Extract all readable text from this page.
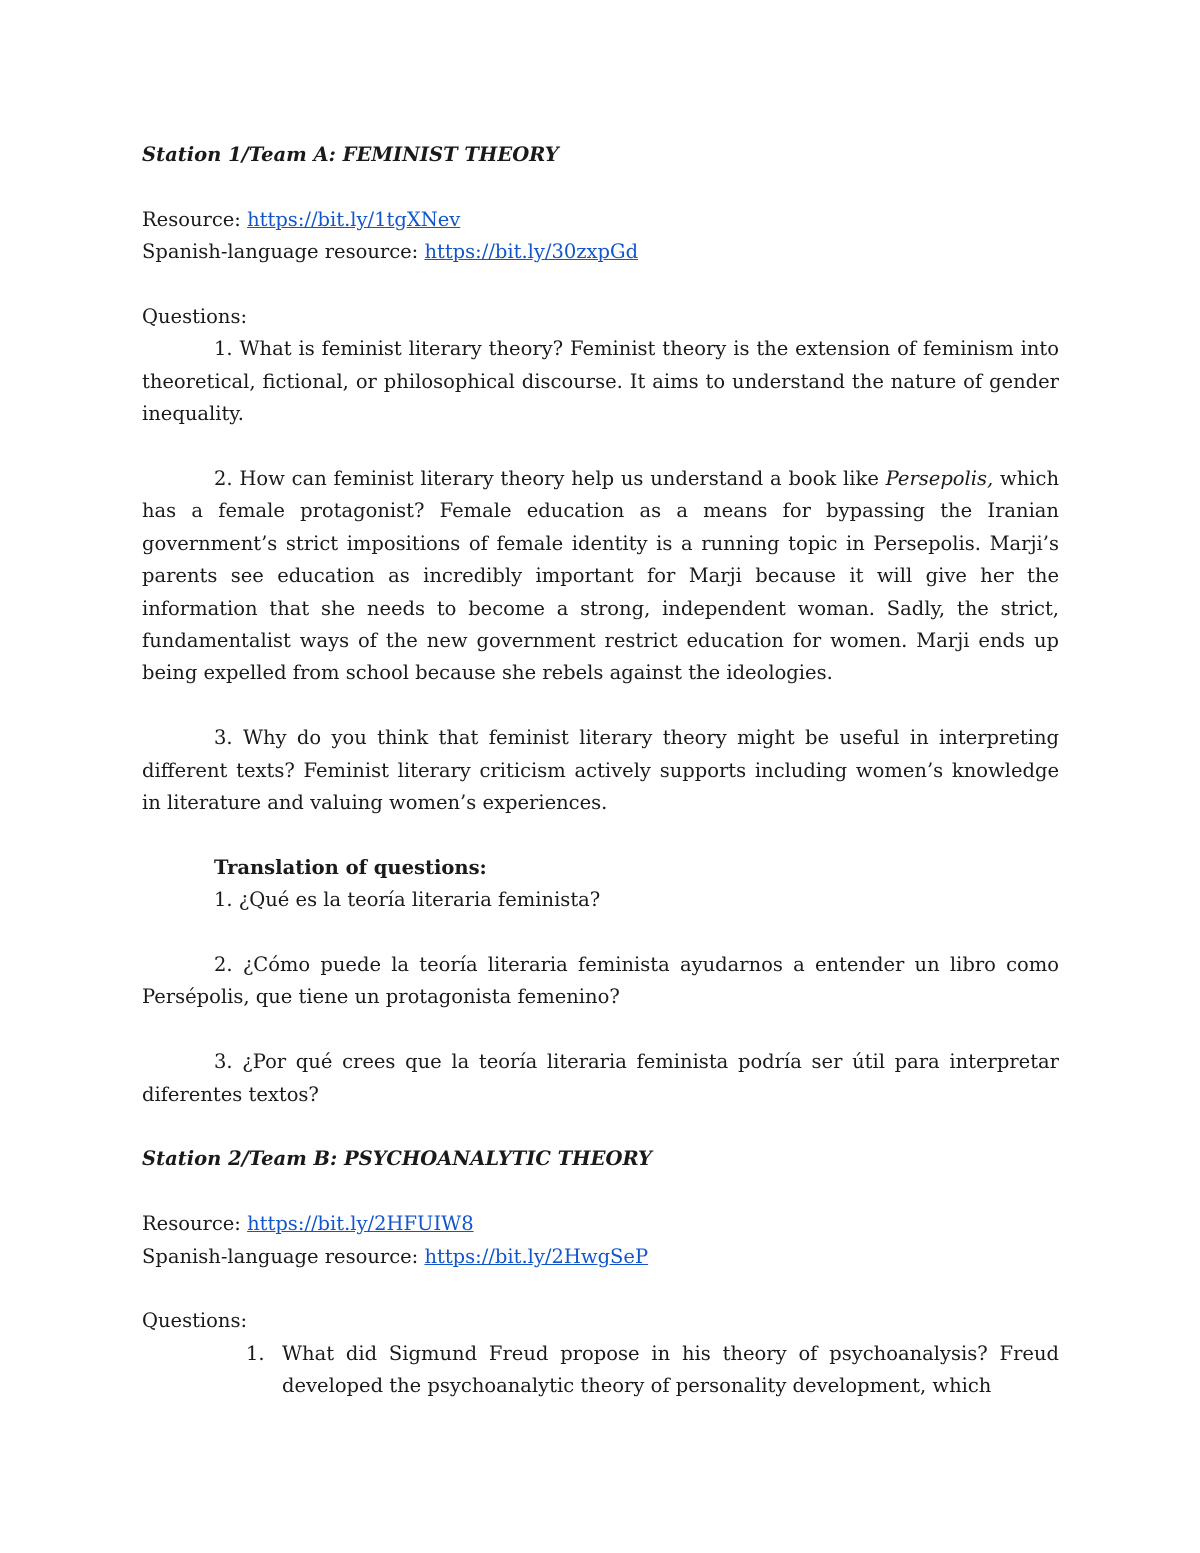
Station 1/Team A: FEMINIST THEORY

Resource: https://bit.ly/1tgXNev

Spanish-language resource: https://bit.ly/30zxpGd

Questions:

1. What is feminist literary theory? Feminist theory is the extension of feminism into theoretical, fictional, or philosophical discourse. It aims to understand the nature of gender inequality.

2. How can feminist literary theory help us understand a book like Persepolis, which has a female protagonist? Female education as a means for bypassing the Iranian government’s strict impositions of female identity is a running topic in Persepolis. Marji’s parents see education as incredibly important for Marji because it will give her the information that she needs to become a strong, independent woman. Sadly, the strict, fundamentalist ways of the new government restrict education for women. Marji ends up being expelled from school because she rebels against the ideologies.

3. Why do you think that feminist literary theory might be useful in interpreting different texts? Feminist literary criticism actively supports including women’s knowledge in literature and valuing women’s experiences.

Translation of questions:

1. ¿Qué es la teoría literaria feminista?

2. ¿Cómo puede la teoría literaria feminista ayudarnos a entender un libro como Persépolis, que tiene un protagonista femenino?

3. ¿Por qué crees que la teoría literaria feminista podría ser útil para interpretar diferentes textos?

Station 2/Team B: PSYCHOANALYTIC THEORY

Resource: https://bit.ly/2HFUIW8

Spanish-language resource: https://bit.ly/2HwgSeP

Questions:

1. What did Sigmund Freud propose in his theory of psychoanalysis? Freud developed the psychoanalytic theory of personality development, which
